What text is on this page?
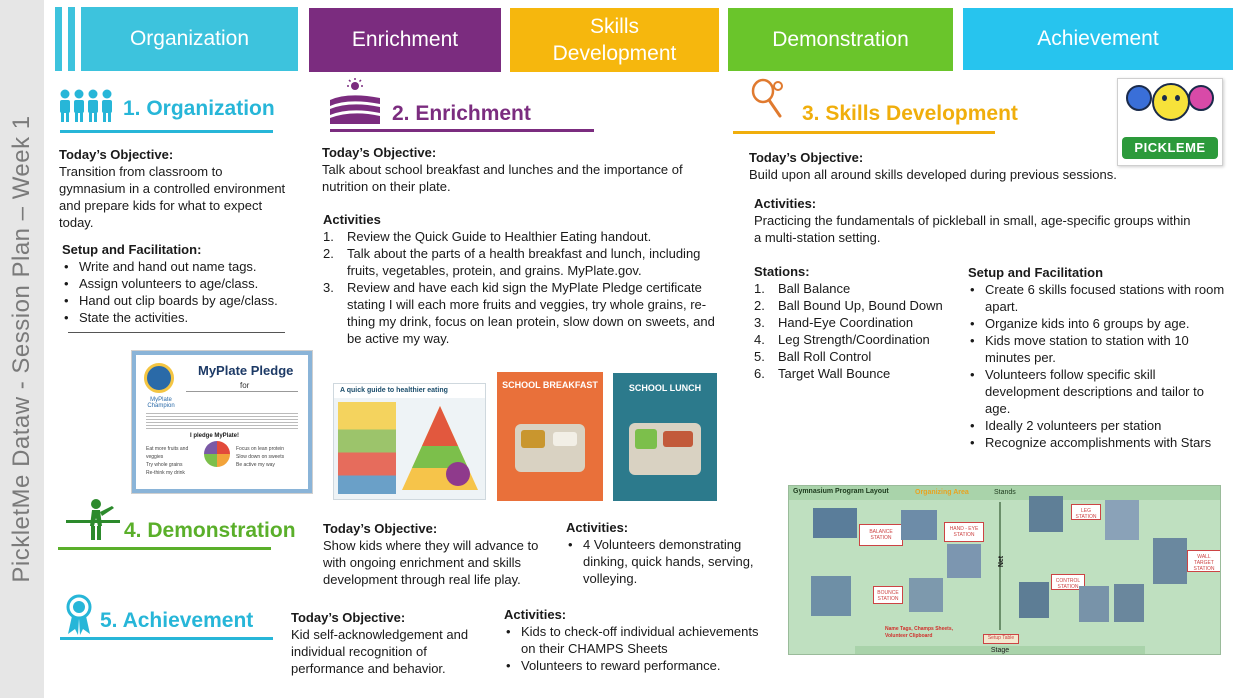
PickletMe Dataw - Session Plan – Week 1
Organization	Enrichment
Skills Development
Demonstration	Achievement
1. Organization
Today’s Objective:

Transition from classroom to gymnasium in a controlled environment and prepare kids for what to expect today.

Setup and Facilitation:
• Write and hand out name tags.
• Assign volunteers to age/class.
• Hand out clip boards by age/class.
• State the activities.
MyPlate Champion
MyPlate Pledge
for
I pledge MyPlate!
Eat more fruits and veggies
Try whole grains
Re-think my drink
Focus on lean protein
Slow down on sweets
Be active my way
2. Enrichment
Today’s Objective:

Talk about school breakfast and lunches and the importance of nutrition on their plate.

Activities
1. Review the Quick Guide to Healthier Eating handout.
2. Talk about the parts of a health breakfast and lunch, including fruits, vegetables, protein, and grains. MyPlate.gov.
3. Review and have each kid sign the MyPlate Pledge certificate stating I will each more fruits and veggies, try whole grains, re-thing my drink, focus on lean protein, slow down on sweets, and be active my way.
A quick guide to healthier eating
SCHOOL BREAKFAST	SCHOOL LUNCH
3. Skills Development
PICKLEME
Today’s Objective:

Build upon all around skills developed during previous sessions.

Activities:

Practicing the fundamentals of pickleball in small, age-specific groups within a multi-station setting.

Stations:
1. Ball Balance
2. Ball Bound Up, Bound Down
3. Hand-Eye Coordination
4. Leg Strength/Coordination
5. Ball Roll Control
6. Target Wall Bounce
Setup and Facilitation
• Create 6 skills focused stations with room apart.
• Organize kids into 6 groups by age.
• Kids move station to station with 10 minutes per.
• Volunteers follow specific skill development descriptions and tailor to age.
• Ideally 2 volunteers per station
• Recognize accomplishments with Stars
Gymnasium Program Layout	Organizing Area	Stands
Net
BALANCE STATION
HAND - EYE STATION
LEG STATION
WALL TARGET STATION
BOUNCE STATION
CONTROL STATION
Name Tags, Champs Sheets, Volunteer Clipboard	Setup Table
Stage
4. Demonstration Today’s Objective:

Show kids where they will advance to with ongoing enrichment and skills development through real life play.

Activities:
• 4 Volunteers demonstrating dinking, quick hands, serving, volleying.
5. Achievement	Today’s Objective:

Kid self-acknowledgement and individual recognition of performance and behavior.

Activities:
• Kids to check-off individual achievements on their CHAMPS Sheets
• Volunteers to reward performance.
